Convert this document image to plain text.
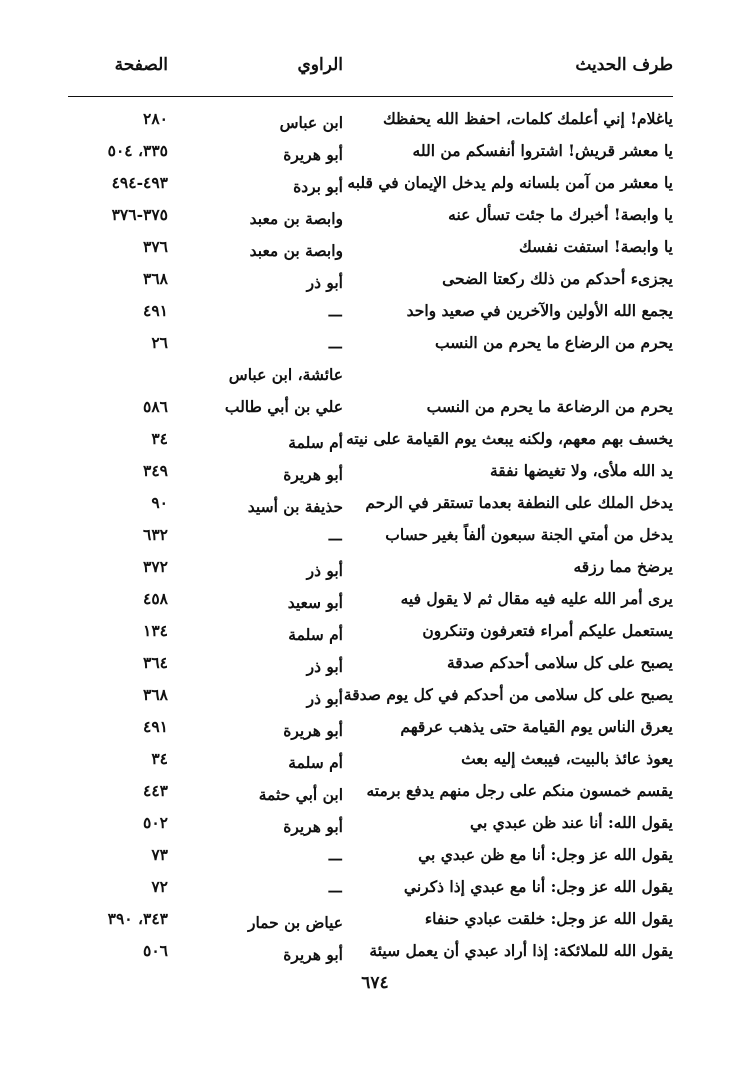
طرف الحديث
الراوي
الصفحة
ياغلام! إني أعلمك كلمات، احفظ الله يحفظك
ابن عباس
٢٨٠
يا معشر قريش! اشتروا أنفسكم من الله
أبو هريرة
٣٣٥، ٥٠٤
يا معشر من آمن بلسانه ولم يدخل الإيمان في قلبه
أبو بردة
٤٩٣-٤٩٤
يا وابصة! أخبرك ما جئت تسأل عنه
وابصة بن معبد
٣٧٥-٣٧٦
يا وابصة! استفت نفسك
وابصة بن معبد
٣٧٦
يجزىء أحدكم من ذلك ركعتا الضحى
أبو ذر
٣٦٨
يجمع الله الأولين والآخرين في صعيد واحد
—
٤٩١
يحرم من الرضاع ما يحرم من النسب
—
٢٦
يحرم من الرضاعة ما يحرم من النسب
عائشة، ابن عباس
علي بن أبي طالب
٥٨٦
يخسف بهم معهم، ولكنه يبعث يوم القيامة على نيته
أم سلمة
٣٤
يد الله ملأى، ولا تغيضها نفقة
أبو هريرة
٣٤٩
يدخل الملك على النطفة بعدما تستقر في الرحم
حذيفة بن أسيد
٩٠
يدخل من أمتي الجنة سبعون ألفاً بغير حساب
—
٦٣٢
يرضخ مما رزقه
أبو ذر
٣٧٢
يرى أمر الله عليه فيه مقال ثم لا يقول فيه
أبو سعيد
٤٥٨
يستعمل عليكم أمراء فتعرفون وتنكرون
أم سلمة
١٣٤
يصبح على كل سلامى أحدكم صدقة
أبو ذر
٣٦٤
يصبح على كل سلامى من أحدكم في كل يوم صدقة
أبو ذر
٣٦٨
يعرق الناس يوم القيامة حتى يذهب عرقهم
أبو هريرة
٤٩١
يعوذ عائذ بالبيت، فيبعث إليه بعث
أم سلمة
٣٤
يقسم خمسون منكم على رجل منهم يدفع برمته
ابن أبي حثمة
٤٤٣
يقول الله: أنا عند ظن عبدي بي
أبو هريرة
٥٠٢
يقول الله عز وجل: أنا مع ظن عبدي بي
—
٧٣
يقول الله عز وجل: أنا مع عبدي إذا ذكرني
—
٧٢
يقول الله عز وجل: خلقت عبادي حنفاء
عياض بن حمار
٣٤٣، ٣٩٠
يقول الله للملائكة: إذا أراد عبدي أن يعمل سيئة
أبو هريرة
٥٠٦
٦٧٤
